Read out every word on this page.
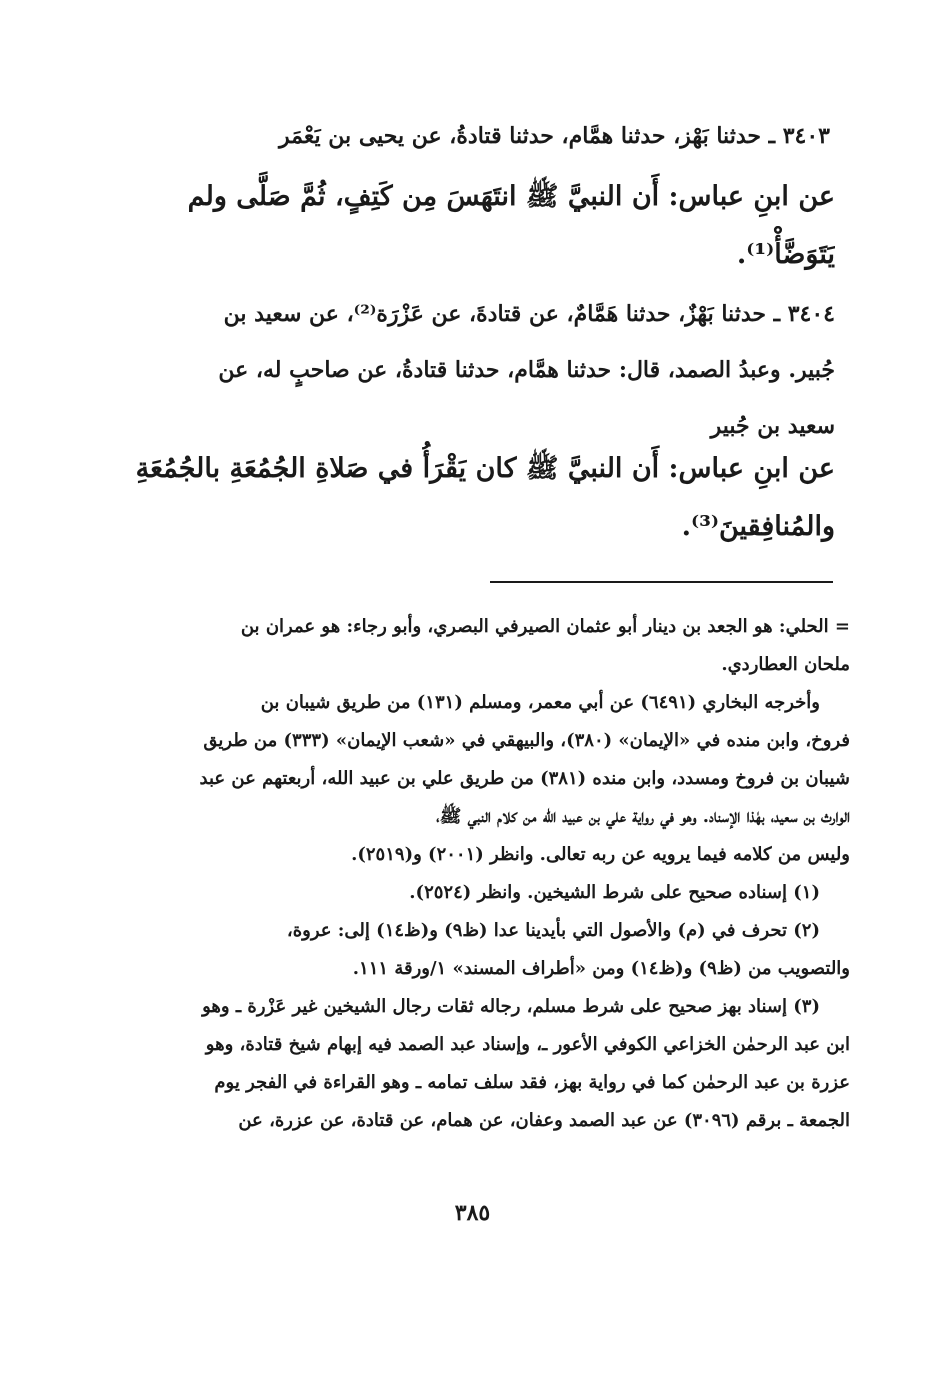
٣٤٠٣ ـ حدثنا بَهْز، حدثنا همَّام، حدثنا قتادةُ، عن يحيى بن يَعْمَر
عن ابنِ عباس: أَن النبيَّ ﷺ انتَهَسَ مِن كَتِفٍ، ثُمَّ صَلَّى ولم
يَتَوَضَّأْ⁽¹⁾.
٣٤٠٤ ـ حدثنا بَهْزٌ، حدثنا هَمَّامٌ، عن قتادةَ، عن عَزْرَة⁽²⁾، عن سعيد بن
جُبير. وعبدُ الصمد، قال: حدثنا همَّام، حدثنا قتادةُ، عن صاحبٍ له، عن
سعيد بن جُبير
عن ابنِ عباس: أَن النبيَّ ﷺ كان يَقْرَأُ في صَلاةِ الجُمُعَةِ بالجُمُعَةِ
والمُنافِقينَ⁽³⁾.
= الحلي: هو الجعد بن دينار أبو عثمان الصيرفي البصري، وأبو رجاء: هو عمران بن
ملحان العطاردي.
وأخرجه البخاري (٦٤٩١) عن أبي معمر، ومسلم (١٣١) من طريق شيبان بن
فروخ، وابن منده في «الإيمان» (٣٨٠)، والبيهقي في «شعب الإيمان» (٣٣٣) من طريق
شيبان بن فروخ ومسدد، وابن منده (٣٨١) من طريق علي بن عبيد الله، أربعتهم عن عبد
الوارث بن سعيد، بهٰذا الإسناد. وهو في رواية علي بن عبيد الله من كلام النبي ﷺ،
وليس من كلامه فيما يرويه عن ربه تعالى. وانظر (٢٠٠١) و(٢٥١٩).
(١) إسناده صحيح على شرط الشيخين. وانظر (٢٥٢٤).
(٢) تحرف في (م) والأصول التي بأيدينا عدا (ظ٩) و(ظ١٤) إلى: عروة،
والتصويب من (ظ٩) و(ظ١٤) ومن «أطراف المسند» ١/ورقة ١١١.
(٣) إسناد بهز صحيح على شرط مسلم، رجاله ثقات رجال الشيخين غير عَزْرة ـ وهو
ابن عبد الرحمٰن الخزاعي الكوفي الأعور ـ، وإسناد عبد الصمد فيه إبهام شيخ قتادة، وهو
عزرة بن عبد الرحمٰن كما في رواية بهز، فقد سلف تمامه ـ وهو القراءة في الفجر يوم
الجمعة ـ برقم (٣٠٩٦) عن عبد الصمد وعفان، عن همام، عن قتادة، عن عزرة، عن
٣٨٥
